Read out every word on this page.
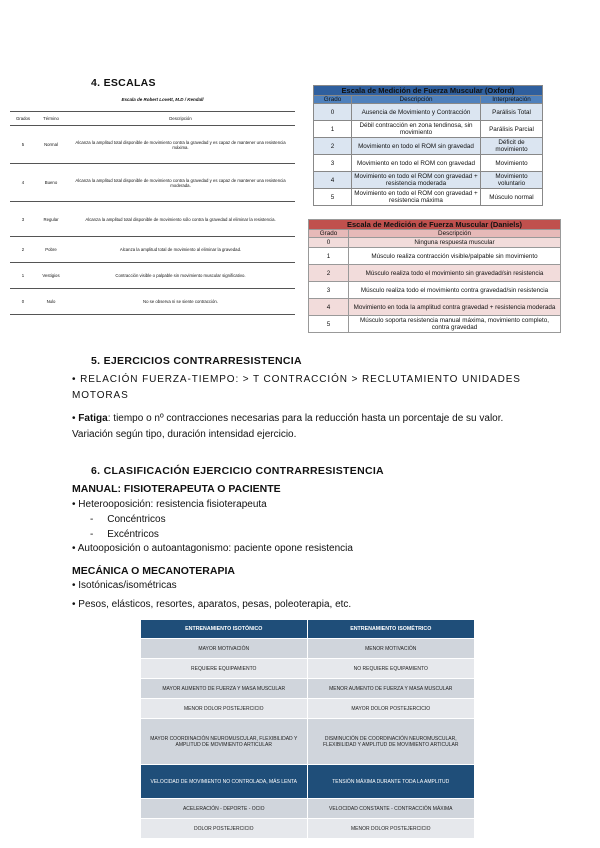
4. ESCALAS
Escala de Robert Lovett, M.D / Kendall
Grados	Término	Descripción
5	Normal	Alcanza la amplitud total disponible de movimiento contra la gravedad y es capaz de mantener una resistencia máxima.
4	Bueno	Alcanza la amplitud total disponible de movimiento contra la gravedad y es capaz de mantener una resistencia moderada.
3	Regular	Alcanza la amplitud total disponible de movimiento sólo contra la gravedad al eliminar la resistencia.
2	Pobre	Alcanza la amplitud total de movimiento al eliminar la gravedad.
1	Vestigios	Contracción visible o palpable sin movimiento muscular significativo.
0	Nulo	No se observa ni se siente contracción.
Escala de Medición de Fuerza Muscular (Oxford)		
Grado	Descripción	Interpretación
0	Ausencia de Movimiento y Contracción	Parálisis Total
1	Débil contracción en zona tendinosa, sin movimiento	Parálisis Parcial
2	Movimiento en todo el ROM sin gravedad	Déficit de movimiento
3	Movimiento en todo el ROM con gravedad	Movimiento
4	Movimiento en todo el ROM con gravedad + resistencia moderada	Movimiento voluntario
5	Movimiento en todo el ROM con gravedad + resistencia máxima	Músculo normal
Escala de Medición de Fuerza Muscular (Daniels)	
Grado	Descripción
0	Ninguna respuesta muscular
1	Músculo realiza contracción visible/palpable sin movimiento
2	Músculo realiza todo el movimiento sin gravedad/sin resistencia
3	Músculo realiza todo el movimiento contra gravedad/sin resistencia
4	Movimiento en toda la amplitud contra gravedad + resistencia moderada
5	Músculo soporta resistencia manual máxima, movimiento completo, contra gravedad
5. EJERCICIOS CONTRARRESISTENCIA
• RELACIÓN FUERZA-TIEMPO: > T CONTRACCIÓN > RECLUTAMIENTO UNIDADES MOTORAS
• Fatiga: tiempo o nº contracciones necesarias para la reducción hasta un porcentaje de su valor. Variación según tipo, duración intensidad ejercicio.
6. CLASIFICACIÓN EJERCICIO CONTRARRESISTENCIA
MANUAL: FISIOTERAPEUTA O PACIENTE
• Heterooposición: resistencia fisioterapeuta
-     Concéntricos
-     Excéntricos
• Autooposición o autoantagonismo: paciente opone resistencia
MECÁNICA O MECANOTERAPIA
• Isotónicas/isométricas
• Pesos, elásticos, resortes, aparatos, pesas, poleoterapia, etc.
ENTRENAMIENTO ISOTÓNICO	ENTRENAMIENTO ISOMÉTRICO
MAYOR MOTIVACIÓN	MENOR MOTIVACIÓN
REQUIERE EQUIPAMIENTO	NO REQUIERE EQUIPAMIENTO
MAYOR AUMENTO DE FUERZA Y MASA MUSCULAR	MENOR AUMENTO DE FUERZA Y MASA MUSCULAR
MENOR DOLOR POSTEJERCICIO	MAYOR DOLOR POSTEJERCICIO
MAYOR COORDINACIÓN NEUROMUSCULAR, FLEXIBILIDAD Y AMPLITUD DE MOVIMIENTO ARTICULAR	DISMINUCIÓN DE COORDINACIÓN NEUROMUSCULAR, FLEXIBILIDAD Y AMPLITUD DE MOVIMIENTO ARTICULAR
VELOCIDAD DE MOVIMIENTO NO CONTROLADA, MÁS LENTA	TENSIÓN MÁXIMA DURANTE TODA LA AMPLITUD
ACELERACIÓN - DEPORTE - OCIO	VELOCIDAD CONSTANTE - CONTRACCIÓN MÁXIMA
DOLOR POSTEJERCICIO	MENOR DOLOR POSTEJERCICIO
